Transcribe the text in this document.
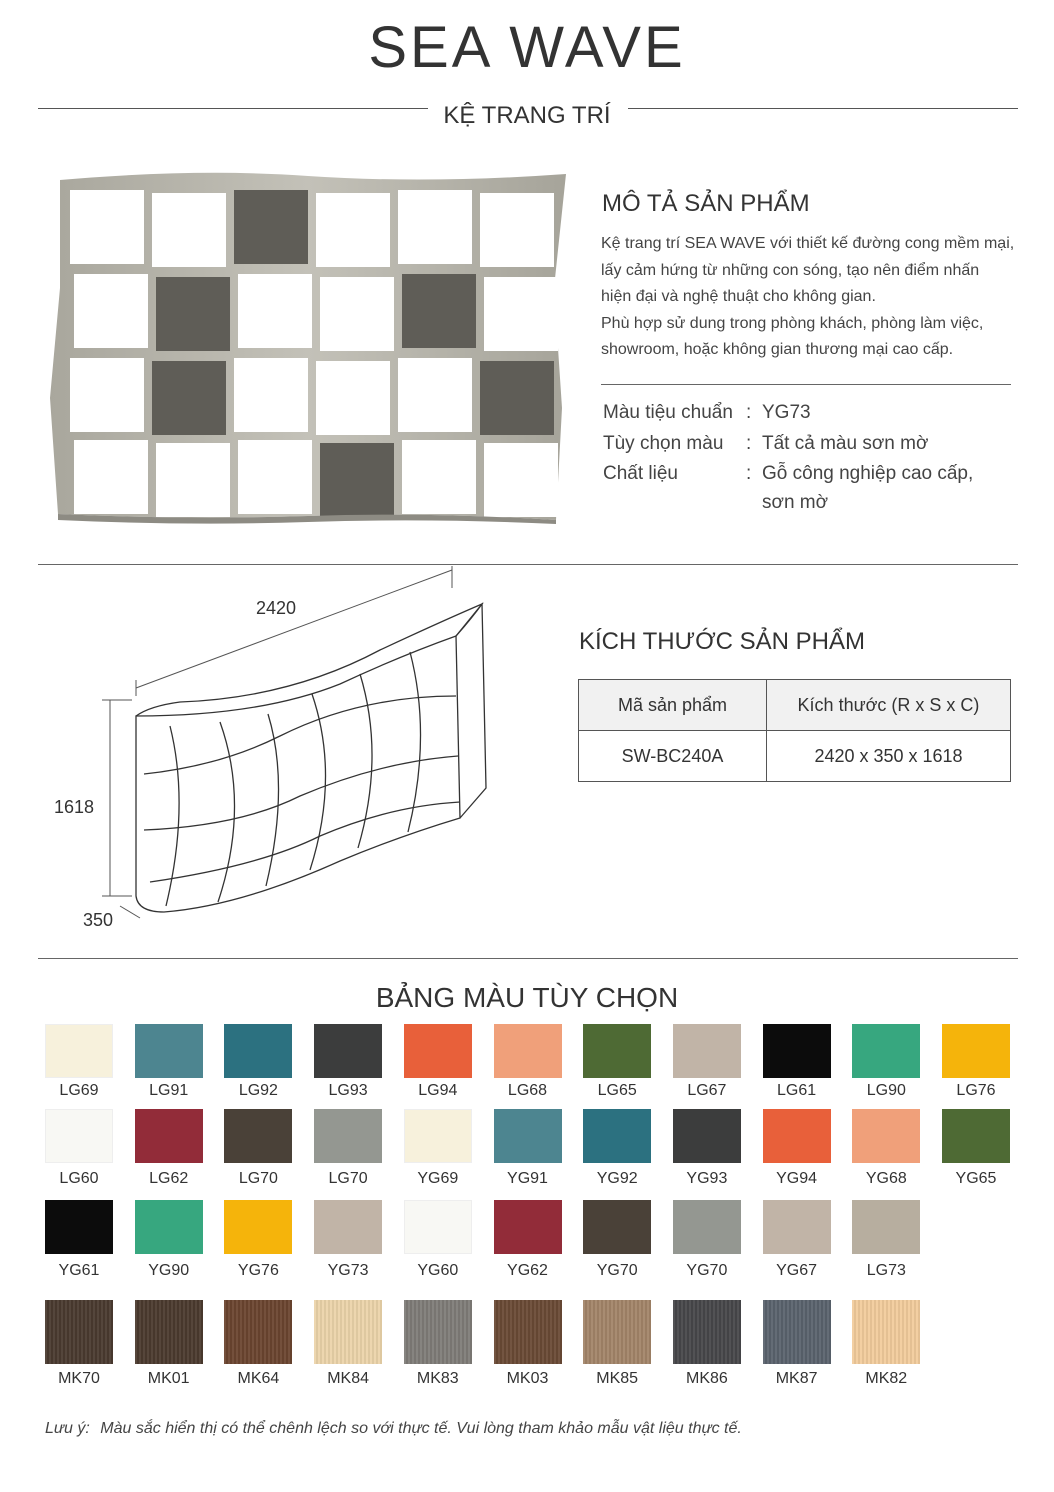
SEA WAVE
KỆ TRANG TRÍ
MÔ TẢ SẢN PHẨM
Kệ trang trí SEA WAVE với thiết kế đường cong mềm mại,
lấy cảm hứng từ những con sóng, tạo nên điểm nhấn
hiện đại và nghệ thuật cho không gian.
Phù hợp sử dung trong phòng khách, phòng làm việc,
showroom, hoặc không gian thương mại cao cấp.
Màu tiệu chuẩn : YG73
Tùy chọn màu : Tất cả màu sơn mờ
Chất liệu	: Gỗ công nghiệp cao cấp,
sơn mờ
2420
1618
350
KÍCH THƯỚC SẢN PHẨM
Mã sản phẩm	Kích thước (R x S x C)
SW-BC240A	2420 x 350 x 1618
BẢNG MÀU TÙY CHỌN
LG69	LG91	LG92	LG93	LG94	LG68	LG65	LG67	LG61	LG90	LG76
LG60	LG62	LG70	LG70	YG69	YG91	YG92	YG93	YG94	YG68	YG65
YG61	YG90	YG76	YG73	YG60	YG62	YG70	YG70	YG67	LG73
MK70	MK01	MK64	MK84	MK83	MK03	MK85	MK86	MK87	MK82
Lưu ý: Màu sắc hiển thị có thể chênh lệch so với thực tế. Vui lòng tham khảo mẫu vật liệu thực tế.
